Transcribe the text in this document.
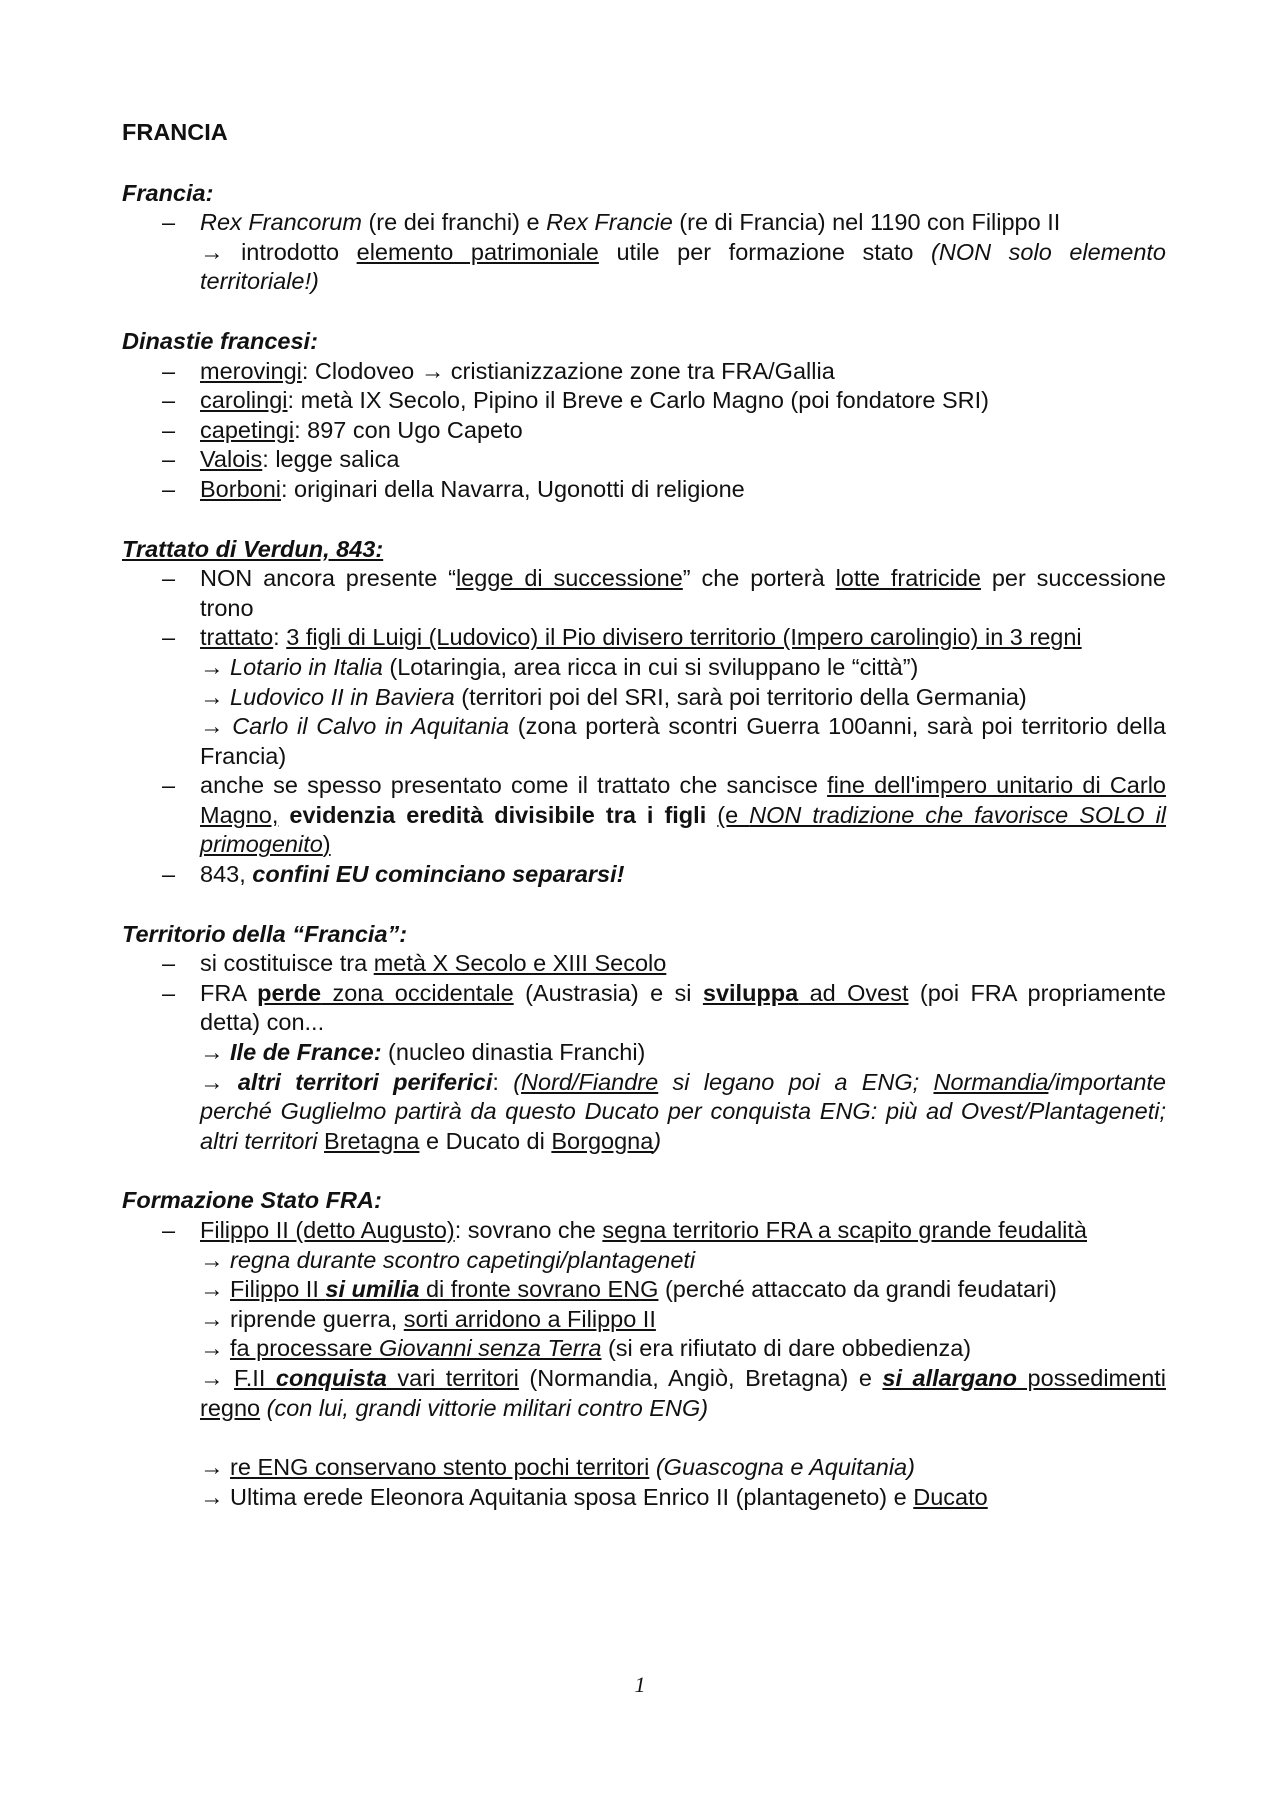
FRANCIA
Francia:
– Rex Francorum (re dei franchi) e Rex Francie (re di Francia) nel 1190 con Filippo II
→ introdotto elemento patrimoniale utile per formazione stato (NON solo elemento territoriale!)
Dinastie francesi:
– merovingi: Clodoveo → cristianizzazione zone tra FRA/Gallia
– carolingi: metà IX Secolo, Pipino il Breve e Carlo Magno (poi fondatore SRI)
– capetingi: 897 con Ugo Capeto
– Valois: legge salica
– Borboni: originari della Navarra, Ugonotti di religione
Trattato di Verdun, 843:
– NON ancora presente “legge di successione” che porterà lotte fratricide per successione trono
– trattato: 3 figli di Luigi (Ludovico) il Pio divisero territorio (Impero carolingio) in 3 regni
→ Lotario in Italia (Lotaringia, area ricca in cui si sviluppano le “città”)
→ Ludovico II in Baviera (territori poi del SRI, sarà poi territorio della Germania)
→ Carlo il Calvo in Aquitania (zona porterà scontri Guerra 100anni, sarà poi territorio della Francia)
– anche se spesso presentato come il trattato che sancisce fine dell'impero unitario di Carlo Magno, evidenzia eredità divisibile tra i figli (e NON tradizione che favorisce SOLO il primogenito)
– 843, confini EU cominciano separarsi!
Territorio della “Francia”:
– si costituisce tra metà X Secolo e XIII Secolo
– FRA perde zona occidentale (Austrasia) e si sviluppa ad Ovest (poi FRA propriamente detta) con...
→ Ile de France: (nucleo dinastia Franchi)
→ altri territori periferici: (Nord/Fiandre si legano poi a ENG; Normandia/importante perché Guglielmo partirà da questo Ducato per conquista ENG: più ad Ovest/Plantageneti; altri territori Bretagna e Ducato di Borgogna)
Formazione Stato FRA:
– Filippo II (detto Augusto): sovrano che segna territorio FRA a scapito grande feudalità
→ regna durante scontro capetingi/plantageneti
→ Filippo II si umilia di fronte sovrano ENG (perché attaccato da grandi feudatari)
→ riprende guerra, sorti arridono a Filippo II
→ fa processare Giovanni senza Terra (si era rifiutato di dare obbedienza)
→ F.II conquista vari territori (Normandia, Angiò, Bretagna) e si allargano possedimenti regno (con lui, grandi vittorie militari contro ENG)
→ re ENG conservano stento pochi territori (Guascogna e Aquitania)
→ Ultima erede Eleonora Aquitania sposa Enrico II (plantageneto) e Ducato
1
